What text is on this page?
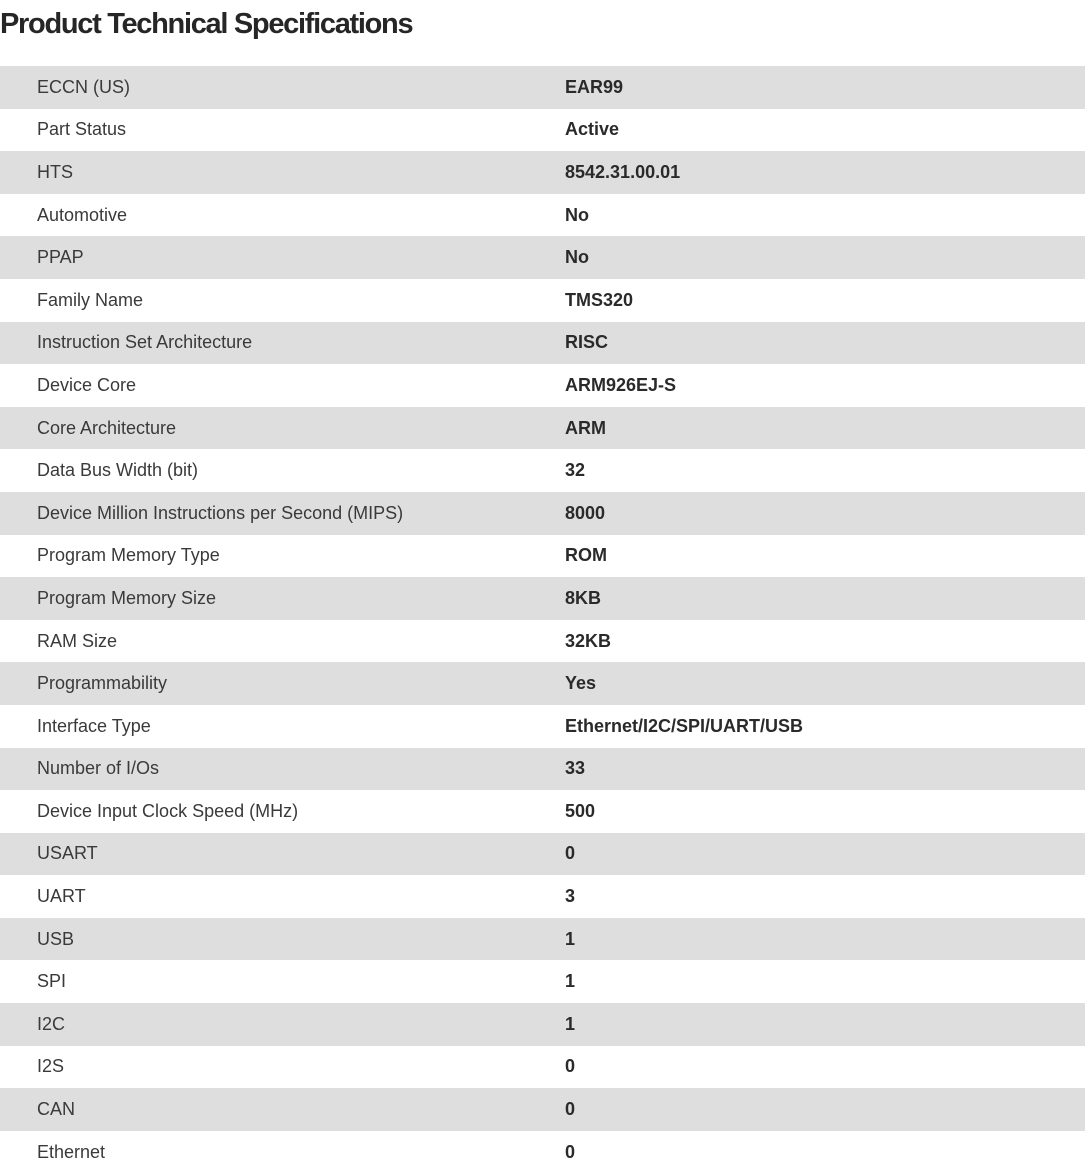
Product Technical Specifications
ECCN (US)	EAR99
Part Status	Active
HTS	8542.31.00.01
Automotive	No
PPAP	No
Family Name	TMS320
Instruction Set Architecture	RISC
Device Core	ARM926EJ-S
Core Architecture	ARM
Data Bus Width (bit)	32
Device Million Instructions per Second (MIPS)	8000
Program Memory Type	ROM
Program Memory Size	8KB
RAM Size	32KB
Programmability	Yes
Interface Type	Ethernet/I2C/SPI/UART/USB
Number of I/Os	33
Device Input Clock Speed (MHz)	500
USART	0
UART	3
USB	1
SPI	1
I2C	1
I2S	0
CAN	0
Ethernet	0
